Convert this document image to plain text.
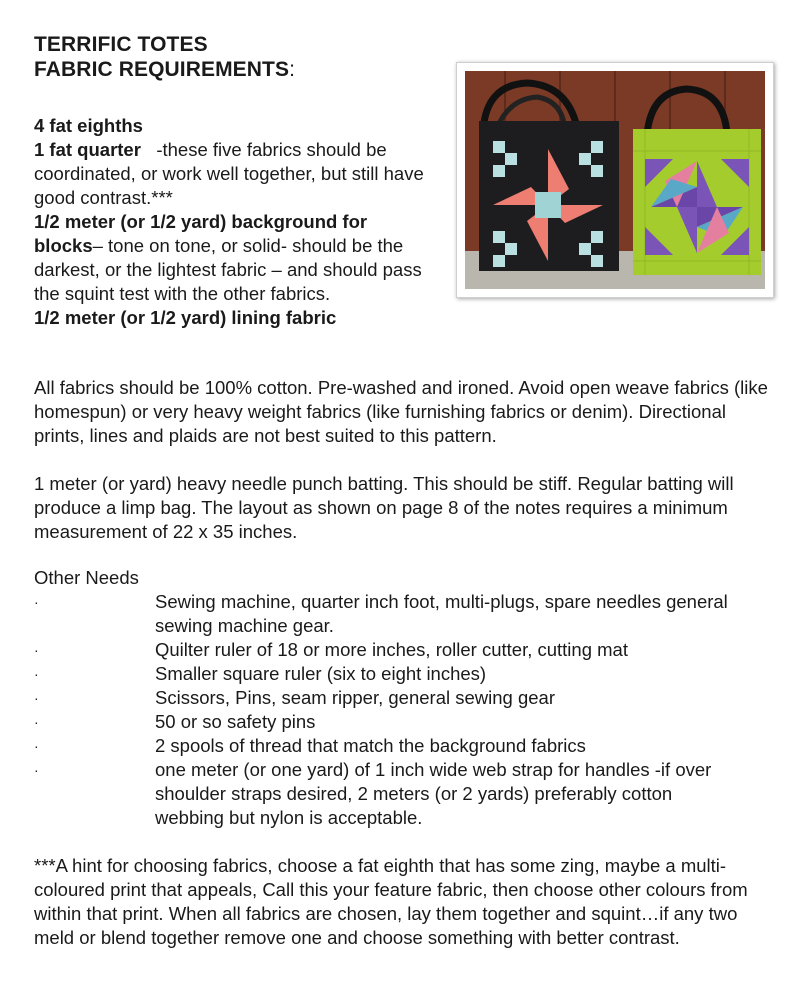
TERRIFIC TOTES
FABRIC REQUIREMENTS:
4 fat eighths
1 fat quarter   -these five fabrics should be coordinated, or work well together, but still have good contrast.***
1/2 meter (or 1/2 yard) background for blocks– tone on tone, or solid- should be the darkest, or the lightest fabric – and should pass the squint test with the other fabrics.
1/2 meter (or 1/2 yard) lining fabric

All fabrics should be 100% cotton. Pre-washed and ironed. Avoid open weave fabrics (like homespun) or very heavy weight fabrics (like furnishing fabrics or denim). Directional prints, lines and plaids are not best suited to this pattern.

1 meter (or yard) heavy needle punch batting. This should be stiff. Regular batting will produce a limp bag. The layout as shown on page 8 of the notes requires a minimum measurement of 22 x 35 inches.

Other Needs

·	Sewing machine, quarter inch foot, multi-plugs, spare needles general sewing machine gear.
·	Quilter ruler of 18 or more inches, roller cutter, cutting mat
·	Smaller square ruler (six to eight inches)
·	Scissors, Pins, seam ripper, general sewing gear
·	50 or so safety pins
·	2 spools of thread that match the background fabrics
·	one meter (or one yard) of 1 inch wide web strap for handles -if over shoulder straps desired, 2 meters (or 2 yards) preferably cotton webbing but nylon is acceptable.

***A hint for choosing fabrics, choose a fat eighth that has some zing, maybe a multi-coloured print that appeals, Call this your feature fabric, then choose other colours from within that print. When all fabrics are chosen, lay them together and squint…if any two meld or blend together remove one and choose something with better contrast.
